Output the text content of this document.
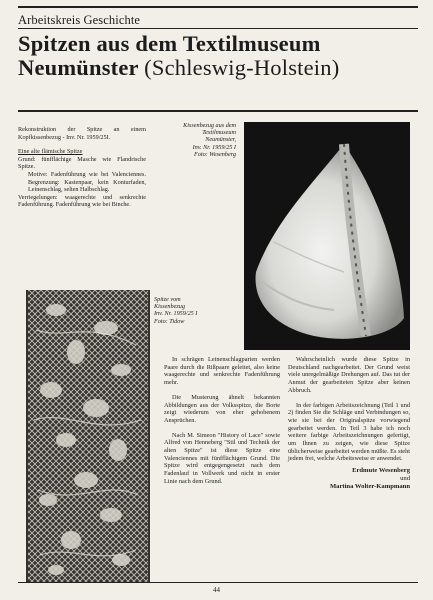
Arbeitskreis Geschichte
Spitzen aus dem Textilmuseum
Neumünster (Schleswig-Holstein)

Rekonstruktion der Spitze an einem Kopfkissenbezug - Inv. Nr. 1959/25I.

Eine alte flämische Spitze

Grund: fünfflächige Masche wie Flandrische Spitze.

Motive: Fadenführung wie bei Valenciennes. Begrenzung: Kastenpaar, kein Konturfaden, Leinenschlag, selten Halbschlag.

Verriegelungen: waagerechte und senkrechte Fadenführung. Fadenführung wie bei Binche.

Kissenbezug aus dem
Textilmuseum
Neumünster,
Inv. Nr. 1959/25 I
Foto: Wesenberg
Spitze vom
Kissenbezug
Inv. Nr. 1959/25 I
Foto: Tidow

In schrägen Leinenschlagparien werden Paare durch die Rißpaare geleitet, also keine waagerechte und senkrechte Fadenführung mehr.

Die Musterung ähnelt bekannten Abbildungen aus der Volksspitze, die Borte zeigt wiederum von eher gehobenem Ansprüchen.

Nach M. Simeon "History of Lace" sowie Alfred von Henneberg "Stil und Technik der alten Spitze" ist diese Spitze eine Valenciennes mit fünfflächigem Grund. Die Spitze wird entgegengesetzt nach dem Fadenlauf in Vollwerk und nicht in erster Linie nach dem Grund.

Wahrscheinlich wurde diese Spitze in Deutschland nachgearbeitet. Der Grund weist viele unregelmäßige Drehungen auf. Das tut der Anmut der gearbeiteten Spitze aber keinen Abbruch.

In der farbigen Arbeitszeichnung (Teil 1 und 2) finden Sie die Schläge und Verbindungen so, wie sie bei der Originalspitze vorwiegend gearbeitet werden. In Teil 3 habe ich noch weitere farbige Arbeitszeichnungen gefertigt, um Ihnen zu zeigen, wie diese Spitze üblicherweise gearbeitet werden müßte. Es steht jedem frei, welche Arbeitsweise er anwendet.

Erdmute Wesenberg
und
Martina Wolter-Kampmann
44
